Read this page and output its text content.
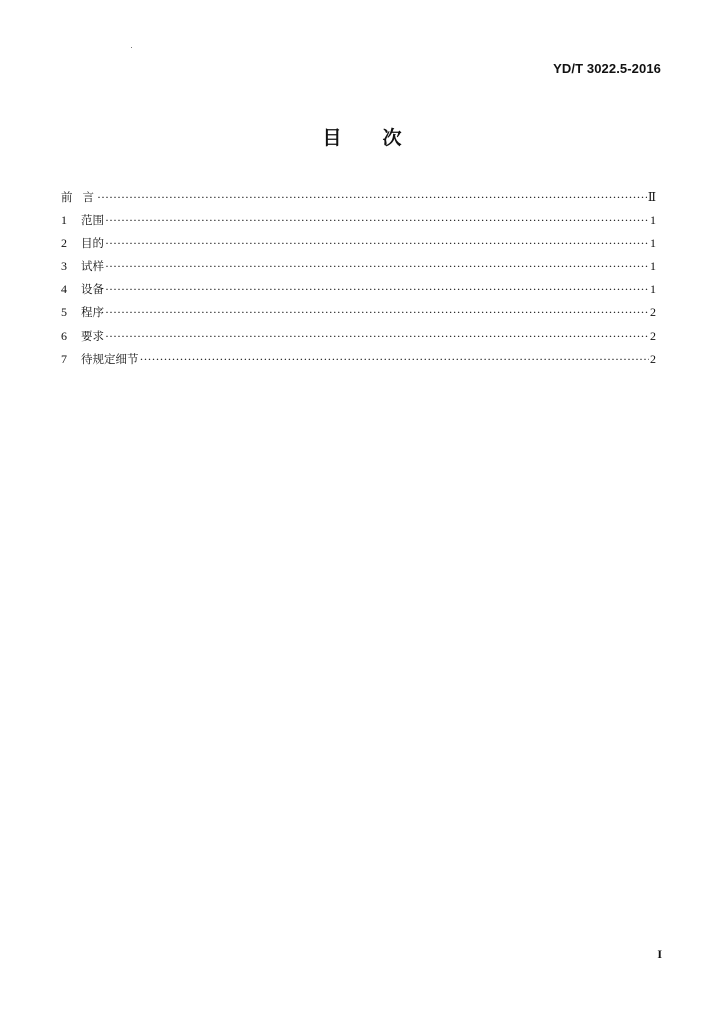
YD/T 3022.5-2016
目 次
前言 ·····	Ⅱ
1	范围 ·····	1
2	目的 ·····	1
3	试样 ·····	1
4	设备 ·····	1
5	程序 ·····	2
6	要求 ·····	2
7	待规定细节 ·····	2
I
